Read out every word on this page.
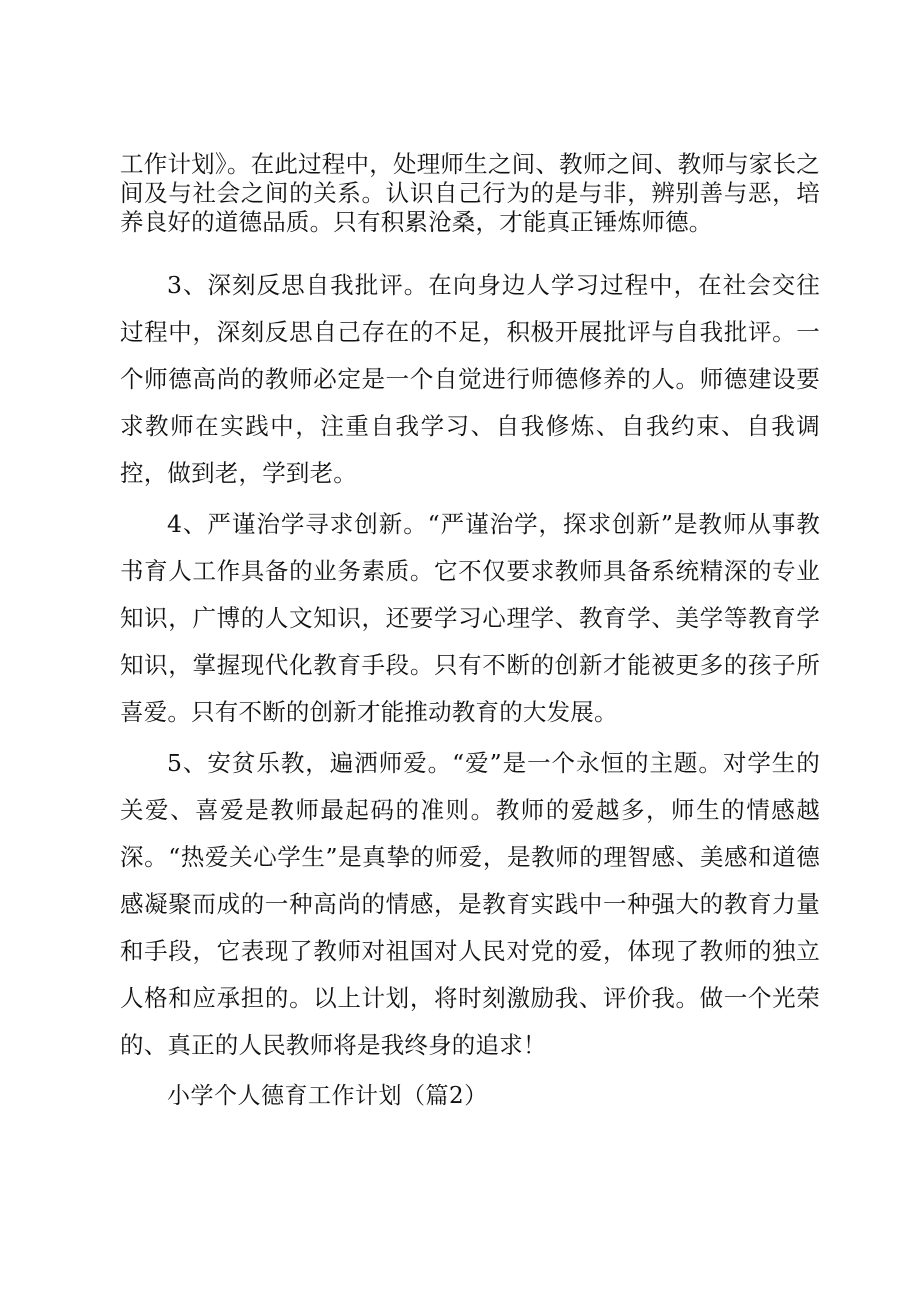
工作计划》。在此过程中，处理师生之间、教师之间、教师与家长之间及与社会之间的关系。认识自己行为的是与非，辨别善与恶，培养良好的道德品质。只有积累沧桑，才能真正锤炼师德。

3、深刻反思自我批评。在向身边人学习过程中，在社会交往过程中，深刻反思自己存在的不足，积极开展批评与自我批评。一个师德高尚的教师必定是一个自觉进行师德修养的人。师德建设要求教师在实践中，注重自我学习、自我修炼、自我约束、自我调控，做到老，学到老。

4、严谨治学寻求创新。“严谨治学，探求创新”是教师从事教书育人工作具备的业务素质。它不仅要求教师具备系统精深的专业知识，广博的人文知识，还要学习心理学、教育学、美学等教育学知识，掌握现代化教育手段。只有不断的创新才能被更多的孩子所喜爱。只有不断的创新才能推动教育的大发展。

5、安贫乐教，遍洒师爱。“爱”是一个永恒的主题。对学生的关爱、喜爱是教师最起码的准则。教师的爱越多，师生的情感越深。“热爱关心学生”是真挚的师爱，是教师的理智感、美感和道德感凝聚而成的一种高尚的情感，是教育实践中一种强大的教育力量和手段，它表现了教师对祖国对人民对党的爱，体现了教师的独立人格和应承担的。以上计划，将时刻激励我、评价我。做一个光荣的、真正的人民教师将是我终身的追求！

小学个人德育工作计划（篇2）
